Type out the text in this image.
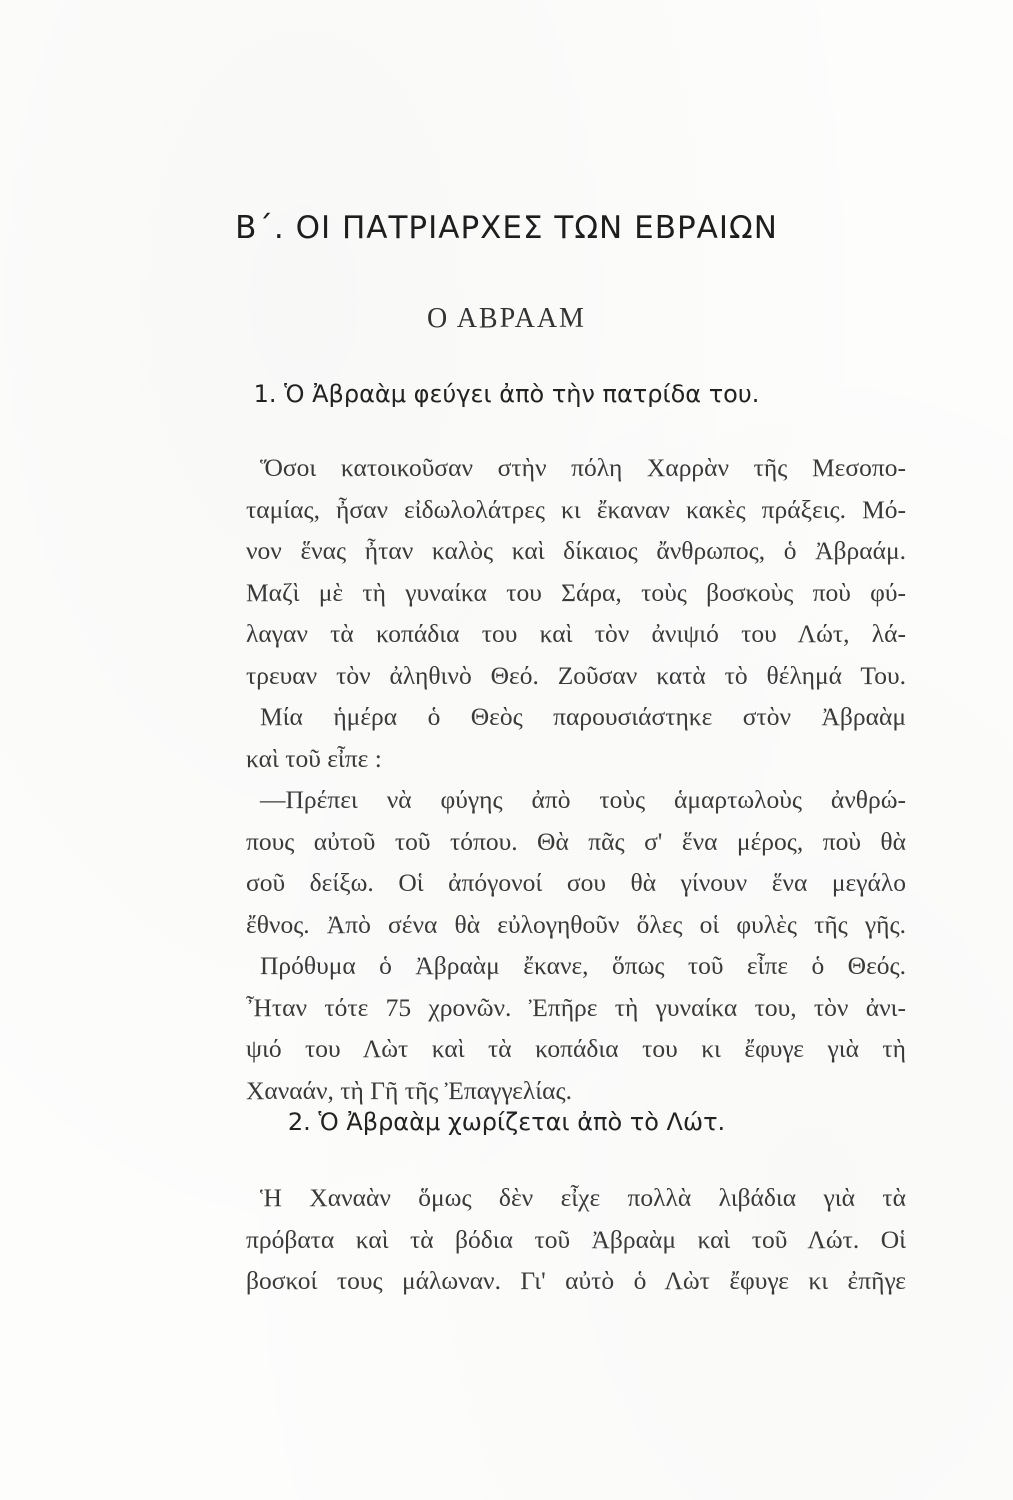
Β΄. ΟΙ ΠΑΤΡΙΑΡΧΕΣ ΤΩΝ ΕΒΡΑΙΩΝ
Ο ΑΒΡΑΑΜ
1. Ὁ Ἀβραὰμ φεύγει ἀπὸ τὴν πατρίδα του.
Ὅσοι κατοικοῦσαν στὴν πόλη Χαρρὰν τῆς Μεσοπο-
ταμίας, ἦσαν εἰδωλολάτρες κι ἔκαναν κακὲς πράξεις. Μό-
νον ἕνας ἦταν καλὸς καὶ δίκαιος ἄνθρωπος, ὁ Ἀβραάμ.
Μαζὶ μὲ τὴ γυναίκα του Σάρα, τοὺς βοσκοὺς ποὺ φύ-
λαγαν τὰ κοπάδια του καὶ τὸν ἀνιψιό του Λώτ, λά-
τρευαν τὸν ἀληθινὸ Θεό. Ζοῦσαν κατὰ τὸ θέλημά Του.
Μία ἡμέρα ὁ Θεὸς παρουσιάστηκε στὸν Ἀβραὰμ
καὶ τοῦ εἶπε :
—Πρέπει νὰ φύγης ἀπὸ τοὺς ἁμαρτωλοὺς ἀνθρώ-
πους αὐτοῦ τοῦ τόπου. Θὰ πᾶς σ' ἕνα μέρος, ποὺ θὰ
σοῦ δείξω. Οἱ ἀπόγονοί σου θὰ γίνουν ἕνα μεγάλο
ἔθνος. Ἀπὸ σένα θὰ εὐλογηθοῦν ὅλες οἱ φυλὲς τῆς γῆς.
Πρόθυμα ὁ Ἀβραὰμ ἔκανε, ὅπως τοῦ εἶπε ὁ Θεός.
Ἦταν τότε 75 χρονῶν. Ἐπῆρε τὴ γυναίκα του, τὸν ἀνι-
ψιό του Λὼτ καὶ τὰ κοπάδια του κι ἔφυγε γιὰ τὴ
Χαναάν, τὴ Γῆ τῆς Ἐπαγγελίας.
2. Ὁ Ἀβραὰμ χωρίζεται ἀπὸ τὸ Λώτ.
Ἡ Χαναὰν ὅμως δὲν εἶχε πολλὰ λιβάδια γιὰ τὰ
πρόβατα καὶ τὰ βόδια τοῦ Ἀβραὰμ καὶ τοῦ Λώτ. Οἱ
βοσκοί τους μάλωναν. Γι' αὐτὸ ὁ Λὼτ ἔφυγε κι ἐπῆγε
